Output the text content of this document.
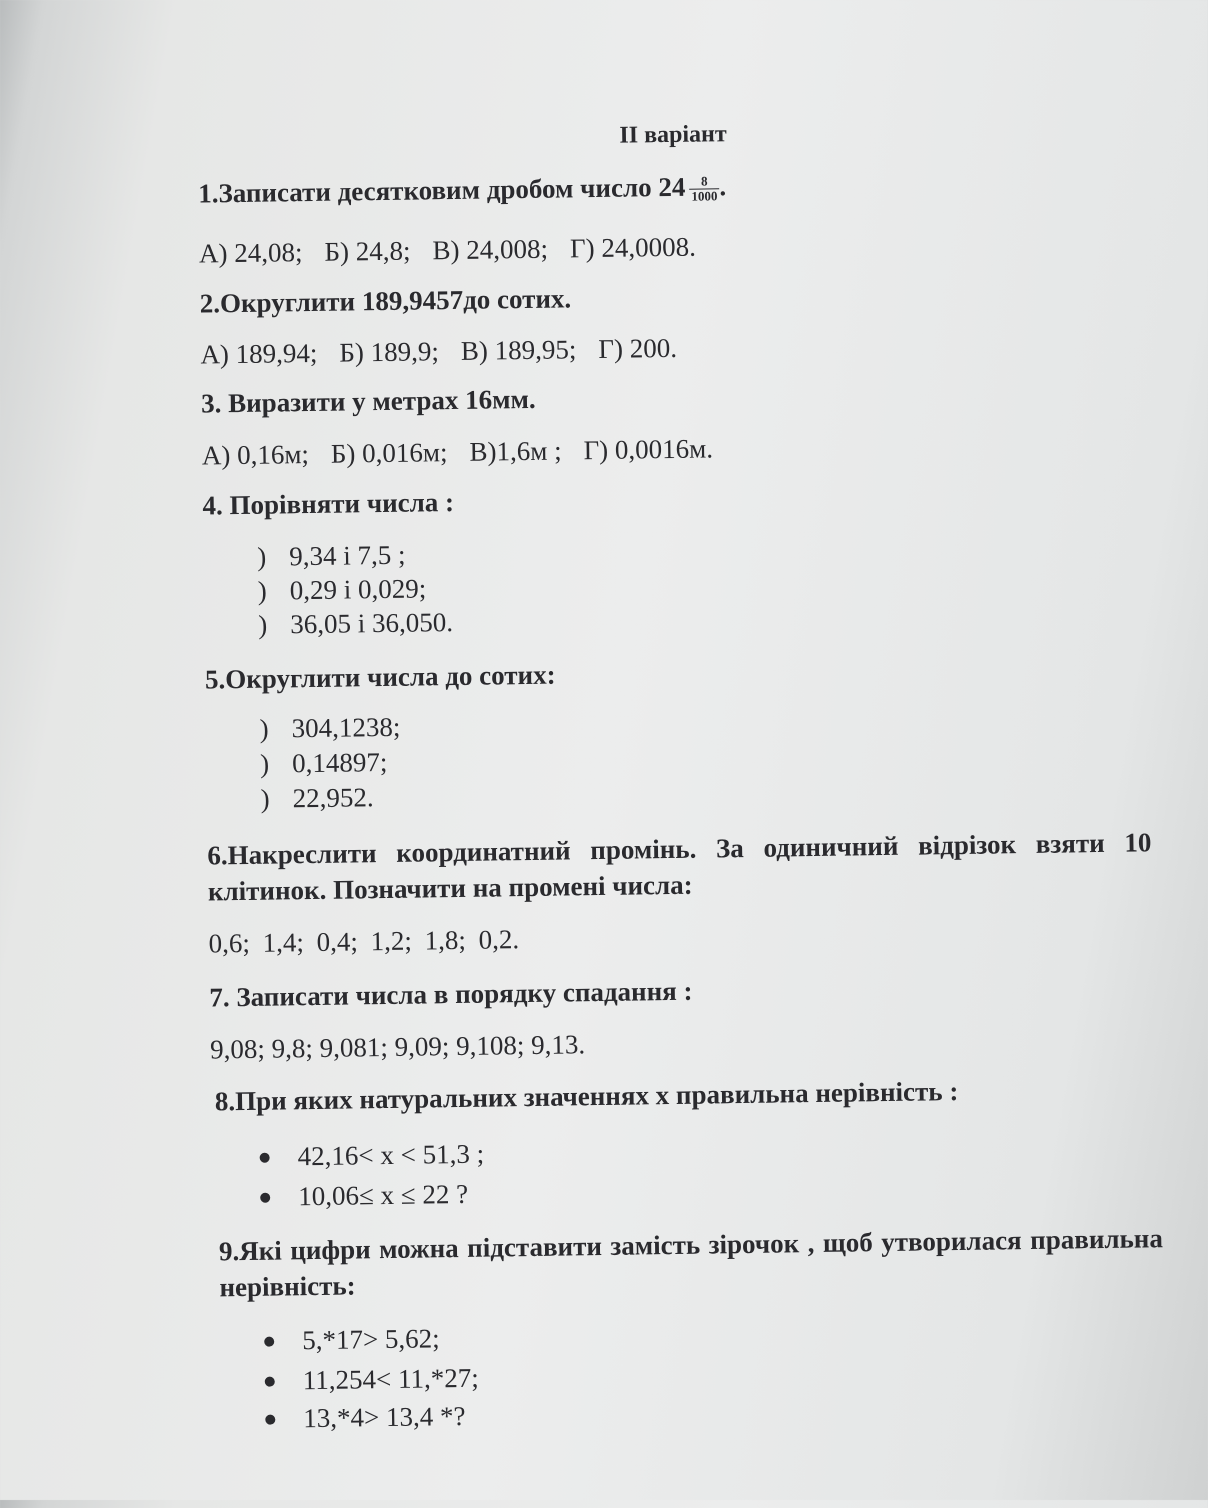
ІІ варіант
1.Записати десятковим дробом число $24 \frac{8}{1000}$ .
А) 24,08; Б) 24,8; В) 24,008; Г) 24,0008.
2.Округлити 189,9457до сотих.
А) 189,94; Б) 189,9; В) 189,95; Г) 200.
3. Виразити у метрах 16мм.
А) 0,16м; Б) 0,016м; В)1,6м ; Г) 0,0016м.
4. Порівняти числа :
) 9,34 і 7,5 ;
) 0,29 і 0,029;
) 36,05 і 36,050.
5.Округлити числа до сотих:
) 304,1238;
) 0,14897;
) 22,952.
6.Накреслити координатний промінь. За одиничний відрізок взяти 10
клітинок. Позначити на промені числа:
0,6; 1,4; 0,4; 1,2; 1,8; 0,2.
7. Записати числа в порядку спадання :
9,08; 9,8; 9,081; 9,09; 9,108; 9,13.
8.При яких натуральних значеннях х правильна нерівність :
42,16< x < 51,3 ;
10,06≤ x ≤ 22 ?
9.Які цифри можна підставити замість зірочок , щоб утворилася правильна
нерівність:
5,*17> 5,62;
11,254< 11,*27;
13,*4> 13,4 *?
